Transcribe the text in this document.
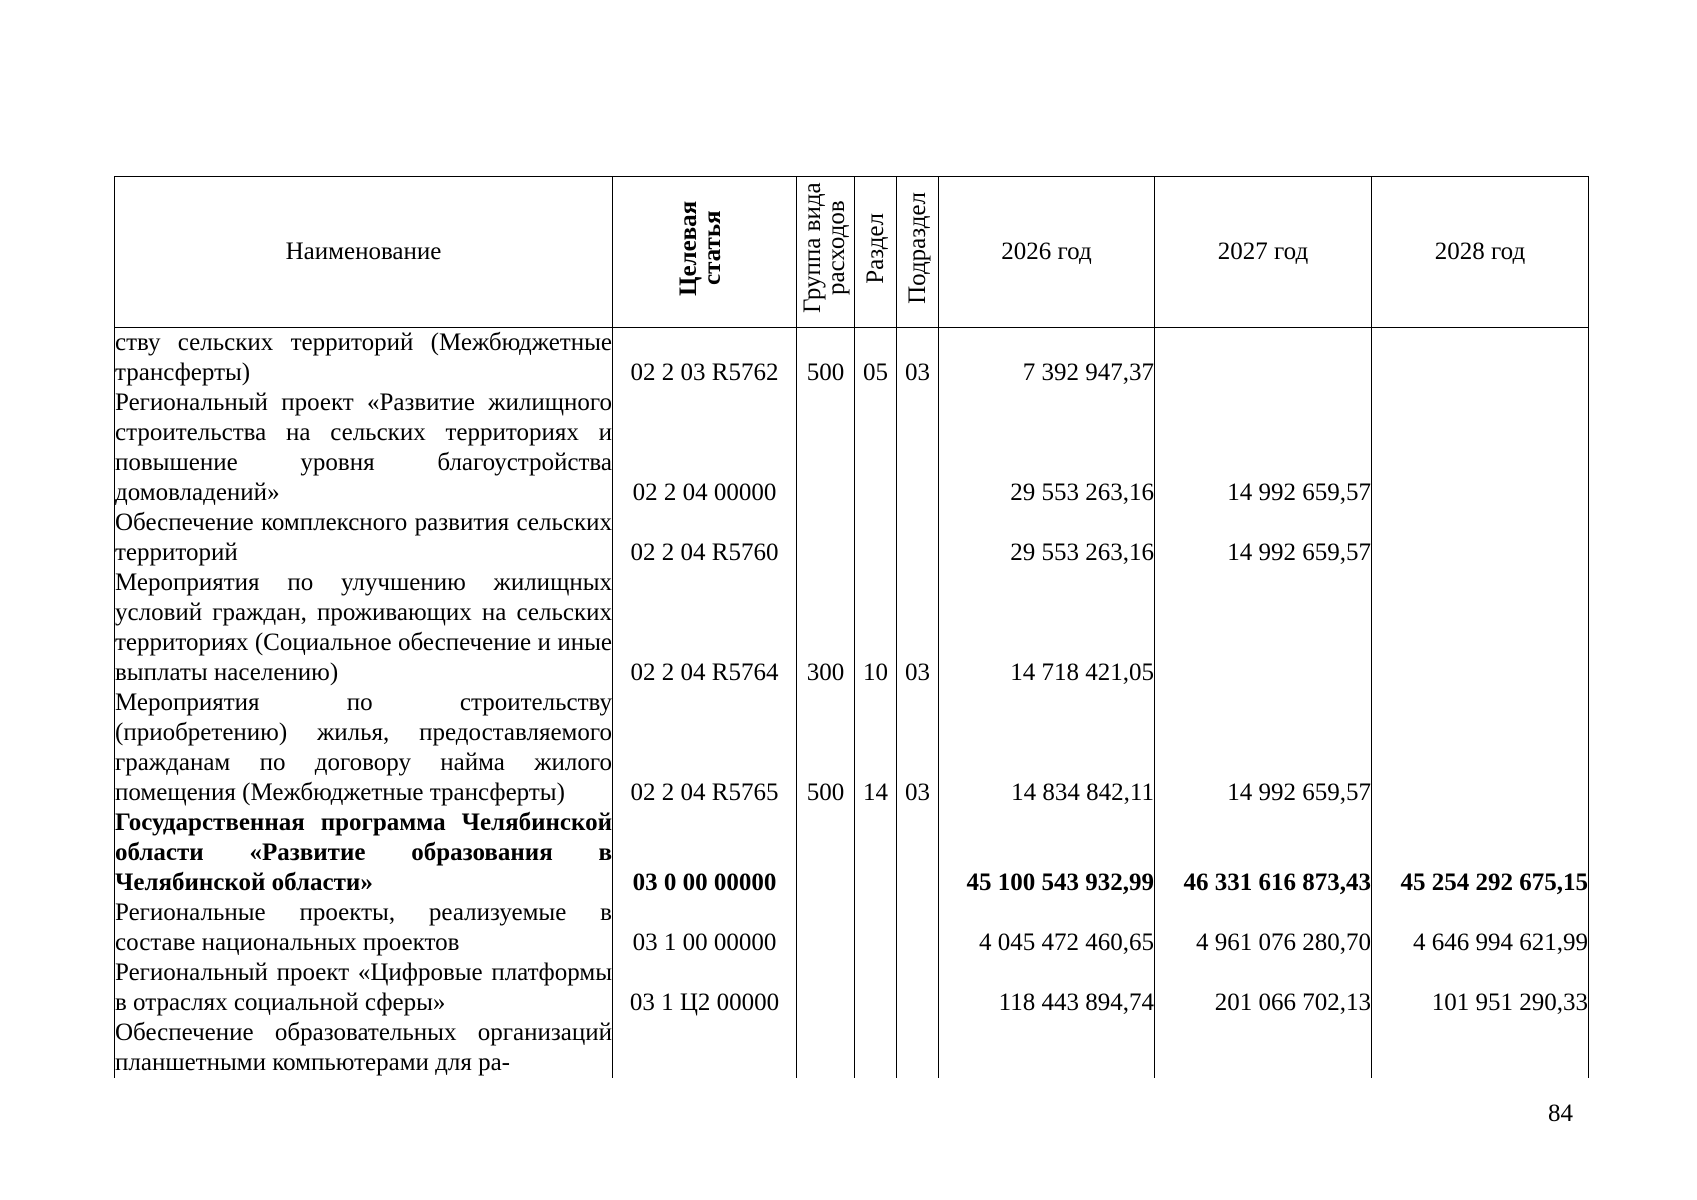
Наименование	Целевая статья	Группа вида расходов	Раздел	Подраздел	2026 год	2027 год	2028 год
ству сельских территорий (Межбюджетные трансферты)	02 2 03 R5762	500	05	03	7 392 947,37		
Региональный проект «Развитие жилищного строительства на сельских территориях и повышение уровня благоустройства домовладений»	02 2 04 00000				29 553 263,16	14 992 659,57	
Обеспечение комплексного развития сельских территорий	02 2 04 R5760				29 553 263,16	14 992 659,57	
Мероприятия по улучшению жилищных условий граждан, проживающих на сельских территориях (Социальное обеспечение и иные выплаты населению)	02 2 04 R5764	300	10	03	14 718 421,05		
Мероприятия по строительству (приобретению) жилья, предоставляемого гражданам по договору найма жилого помещения (Межбюджетные трансферты)	02 2 04 R5765	500	14	03	14 834 842,11	14 992 659,57	
Государственная программа Челябинской области «Развитие образования в Челябинской области»	03 0 00 00000				45 100 543 932,99	46 331 616 873,43	45 254 292 675,15
Региональные проекты, реализуемые в составе национальных проектов	03 1 00 00000				4 045 472 460,65	4 961 076 280,70	4 646 994 621,99
Региональный проект «Цифровые платформы в отраслях социальной сферы»	03 1 Ц2 00000				118 443 894,74	201 066 702,13	101 951 290,33
Обеспечение образовательных организаций планшетными компьютерами для ра-							
84
